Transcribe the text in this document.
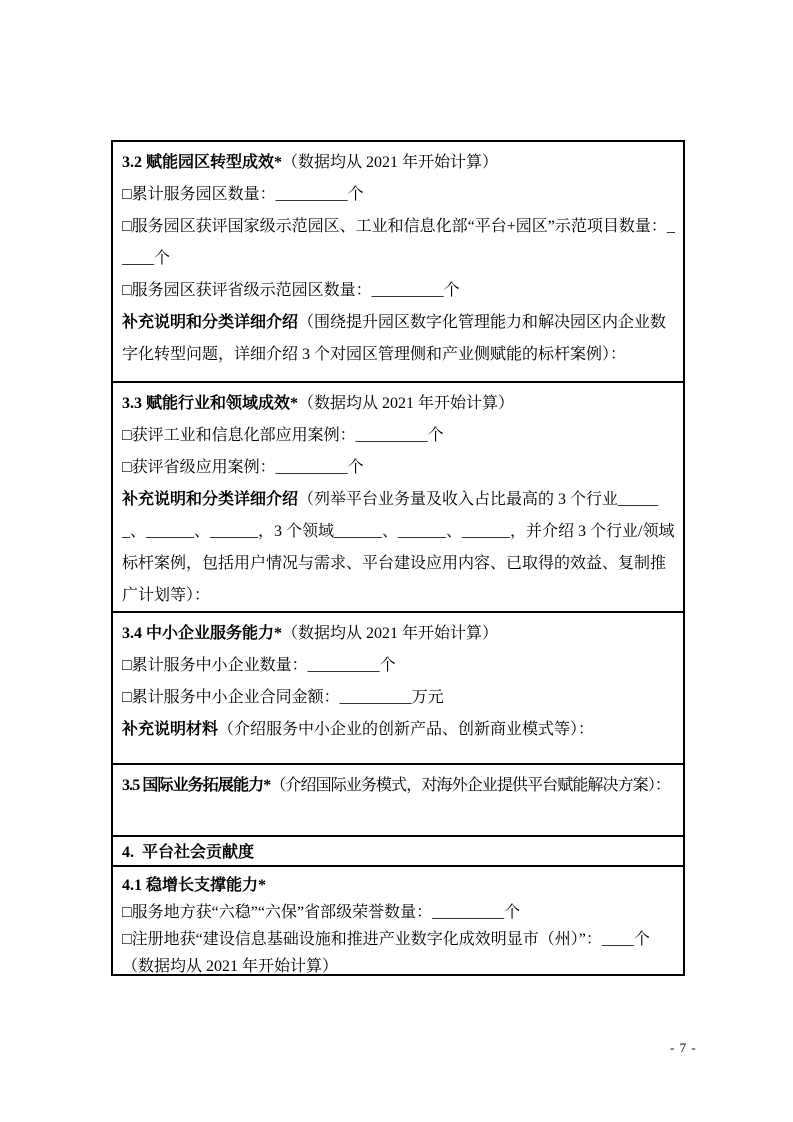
3.2 赋能园区转型成效*（数据均从 2021 年开始计算）

□累计服务园区数量：_________个

□服务园区获评国家级示范园区、工业和信息化部“平台+园区”示范项目数量：_____个

□服务园区获评省级示范园区数量：_________个

补充说明和分类详细介绍（围绕提升园区数字化管理能力和解决园区内企业数字化转型问题，详细介绍 3 个对园区管理侧和产业侧赋能的标杆案例）：

3.3 赋能行业和领域成效*（数据均从 2021 年开始计算）

□获评工业和信息化部应用案例：_________个

□获评省级应用案例：_________个

补充说明和分类详细介绍（列举平台业务量及收入占比最高的 3 个行业______、______、______，3 个领域______、______、______，并介绍 3 个行业/领域标杆案例，包括用户情况与需求、平台建设应用内容、已取得的效益、复制推广计划等）：

3.4 中小企业服务能力*（数据均从 2021 年开始计算）

□累计服务中小企业数量：_________个

□累计服务中小企业合同金额：_________万元

补充说明材料（介绍服务中小企业的创新产品、创新商业模式等）：

3.5 国际业务拓展能力*（介绍国际业务模式，对海外企业提供平台赋能解决方案）：

4.  平台社会贡献度

4.1 稳增长支撑能力*

□服务地方获“六稳”“六保”省部级荣誉数量：_________个

□注册地获“建设信息基础设施和推进产业数字化成效明显市（州）”：____个

（数据均从 2021 年开始计算）

- 7 -
